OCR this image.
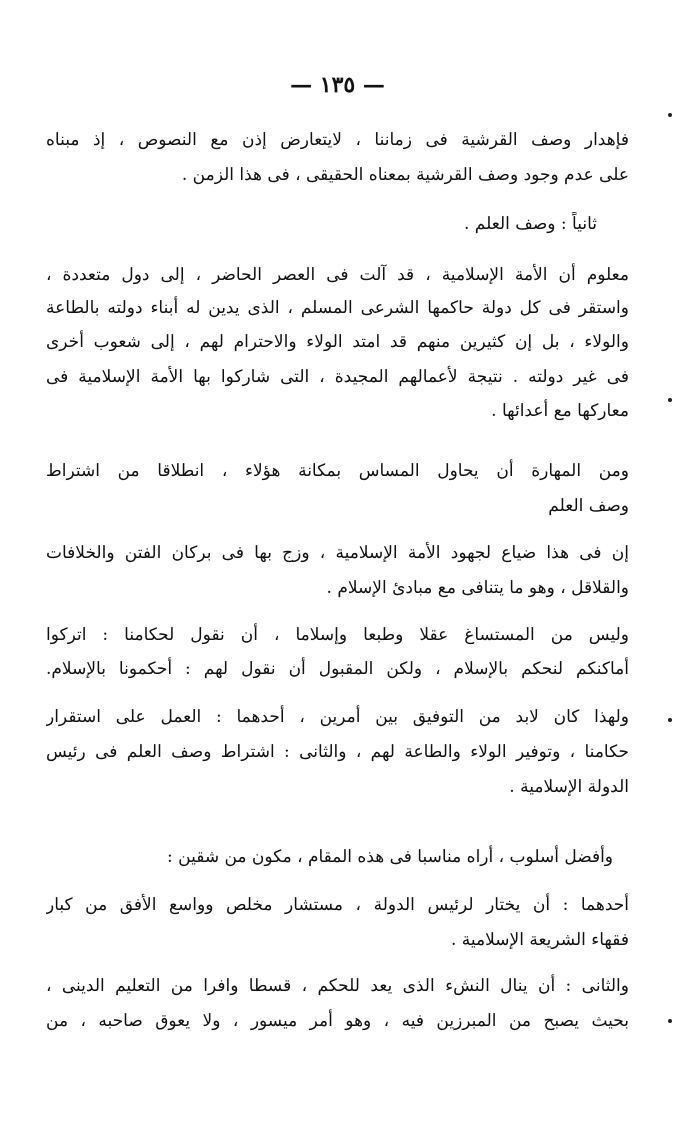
— ١٣٥ —
فإهدار وصف القرشية فى زماننا ، لايتعارض إذن مع النصوص ، إذ مبناه
على عدم وجود وصف القرشية بمعناه الحقيقى ، فى هذا الزمن .
ثانياً : وصف العلم .
معلوم أن الأمة الإسلامية ، قد آلت فى العصر الحاضر ، إلى دول متعددة ،
واستقر فى كل دولة حاكمها الشرعى المسلم ، الذى يدين له أبناء دولته بالطاعة
والولاء ، بل إن كثيرين منهم قد امتد الولاء والاحترام لهم ، إلى شعوب أخرى
فى غير دولته . نتيجة لأعمالهم المجيدة ، التى شاركوا بها الأمة الإسلامية فى
معاركها مع أعدائها .
ومن المهارة أن يحاول المساس بمكانة هؤلاء ، انطلاقا من اشتراط
وصف العلم
إن فى هذا ضياع لجهود الأمة الإسلامية ، وزج بها فى بركان الفتن والخلافات
والقلاقل ، وهو ما يتنافى مع مبادئ الإسلام .
وليس من المستساغ عقلا وطبعا وإسلاما ، أن نقول لحكامنا : اتركوا
أماكنكم لنحكم بالإسلام ، ولكن المقبول أن نقول لهم : أحكمونا بالإسلام.
ولهذا كان لابد من التوفيق بين أمرين ، أحدهما : العمل على استقرار
حكامنا ، وتوفير الولاء والطاعة لهم ، والثانى : اشتراط وصف العلم فى رئيس
الدولة الإسلامية .
وأفضل أسلوب ، أراه مناسبا فى هذه المقام ، مكون من شقين :
أحدهما : أن يختار لرئيس الدولة ، مستشار مخلص وواسع الأفق من كبار
فقهاء الشريعة الإسلامية .
والثانى : أن ينال النشء الذى يعد للحكم ، قسطا وافرا من التعليم الدينى ،
بحيث يصبح من المبرزين فيه ، وهو أمر ميسور ، ولا يعوق صاحبه ، من
